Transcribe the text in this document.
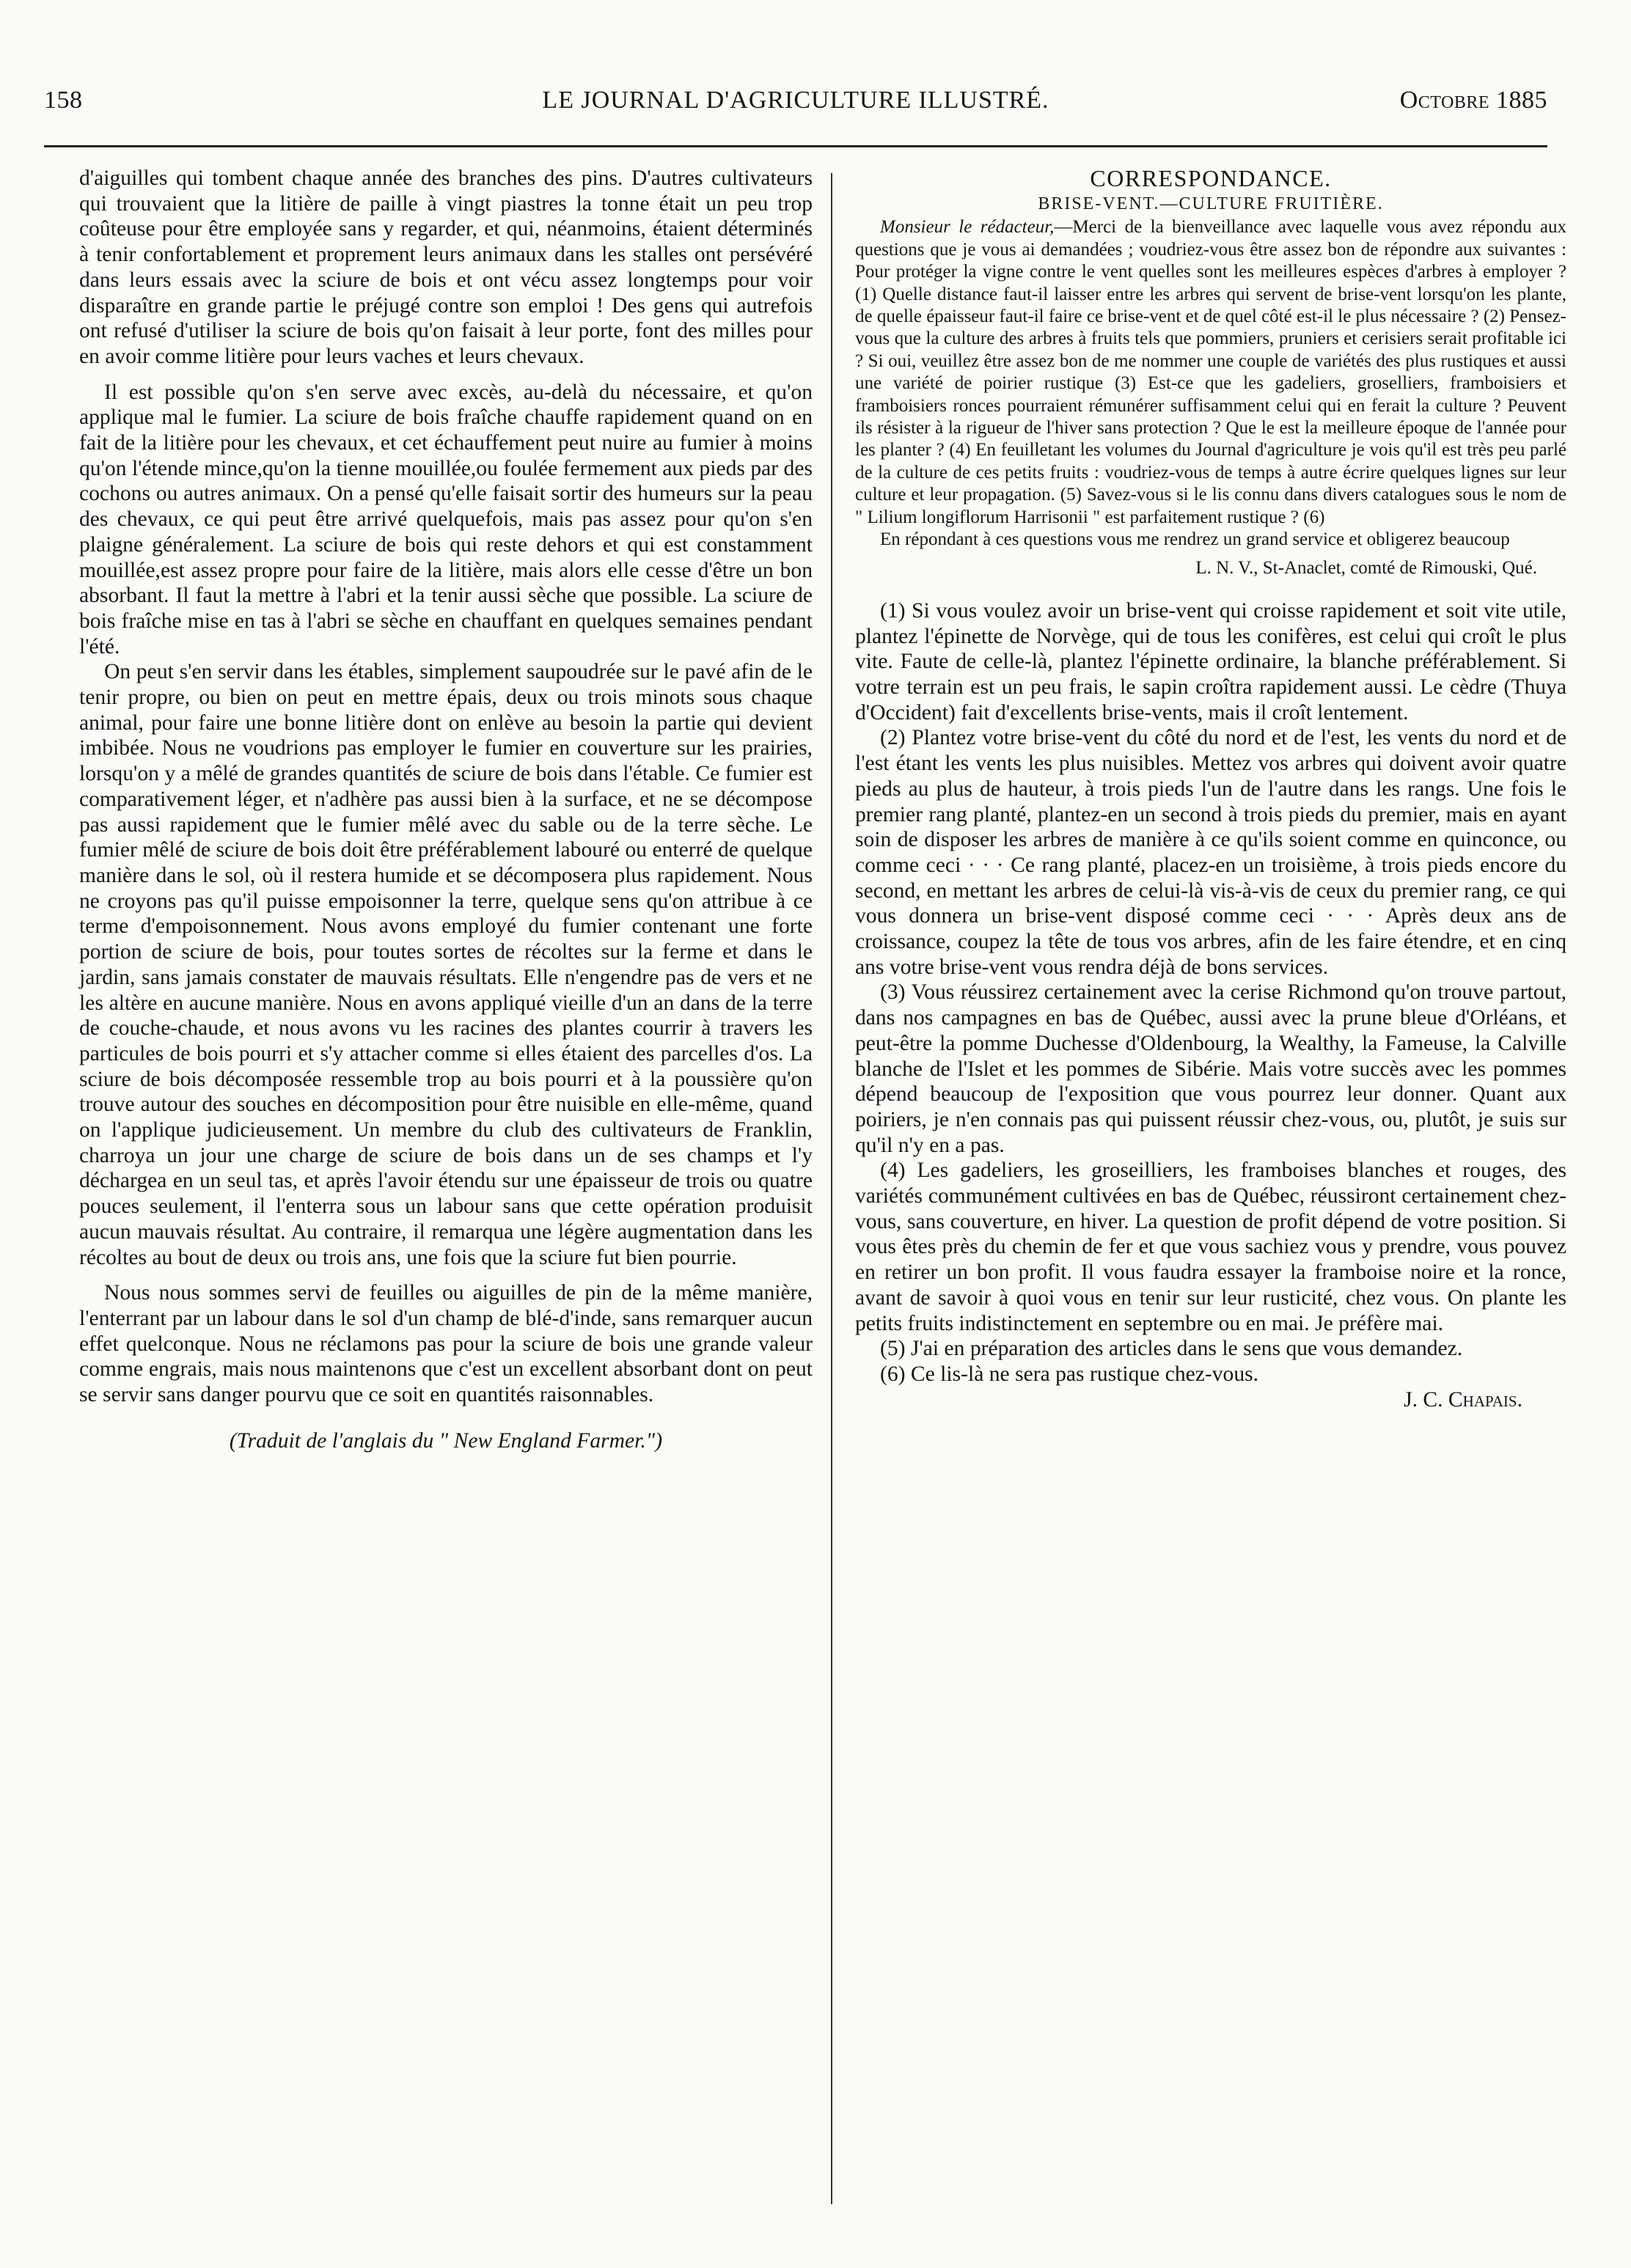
158	LE JOURNAL D'AGRICULTURE ILLUSTRÉ.	Octobre 1885

d'aiguilles qui tombent chaque année des branches des pins. D'autres cultivateurs qui trouvaient que la litière de paille à vingt piastres la tonne était un peu trop coûteuse pour être employée sans y regarder, et qui, néanmoins, étaient déterminés à tenir confortablement et proprement leurs animaux dans les stalles ont persévéré dans leurs essais avec la sciure de bois et ont vécu assez longtemps pour voir disparaître en grande partie le préjugé contre son emploi ! Des gens qui autrefois ont refusé d'utiliser la sciure de bois qu'on faisait à leur porte, font des milles pour en avoir comme litière pour leurs vaches et leurs chevaux.

Il est possible qu'on s'en serve avec excès, au-delà du nécessaire, et qu'on applique mal le fumier. La sciure de bois fraîche chauffe rapidement quand on en fait de la litière pour les chevaux, et cet échauffement peut nuire au fumier à moins qu'on l'étende mince,qu'on la tienne mouillée,ou foulée fermement aux pieds par des cochons ou autres animaux. On a pensé qu'elle faisait sortir des humeurs sur la peau des chevaux, ce qui peut être arrivé quelquefois, mais pas assez pour qu'on s'en plaigne généralement. La sciure de bois qui reste dehors et qui est constamment mouillée,est assez propre pour faire de la litière, mais alors elle cesse d'être un bon absorbant. Il faut la mettre à l'abri et la tenir aussi sèche que possible. La sciure de bois fraîche mise en tas à l'abri se sèche en chauffant en quelques semaines pendant l'été.

On peut s'en servir dans les étables, simplement saupoudrée sur le pavé afin de le tenir propre, ou bien on peut en mettre épais, deux ou trois minots sous chaque animal, pour faire une bonne litière dont on enlève au besoin la partie qui devient imbibée. Nous ne voudrions pas employer le fumier en couverture sur les prairies, lorsqu'on y a mêlé de grandes quantités de sciure de bois dans l'étable. Ce fumier est comparativement léger, et n'adhère pas aussi bien à la surface, et ne se décompose pas aussi rapidement que le fumier mêlé avec du sable ou de la terre sèche. Le fumier mêlé de sciure de bois doit être préférablement labouré ou enterré de quelque manière dans le sol, où il restera humide et se décomposera plus rapidement. Nous ne croyons pas qu'il puisse empoisonner la terre, quelque sens qu'on attribue à ce terme d'empoisonnement. Nous avons employé du fumier contenant une forte portion de sciure de bois, pour toutes sortes de récoltes sur la ferme et dans le jardin, sans jamais constater de mauvais résultats. Elle n'engendre pas de vers et ne les altère en aucune manière. Nous en avons appliqué vieille d'un an dans de la terre de couche-chaude, et nous avons vu les racines des plantes courrir à travers les particules de bois pourri et s'y attacher comme si elles étaient des parcelles d'os. La sciure de bois décomposée ressemble trop au bois pourri et à la poussière qu'on trouve autour des souches en décomposition pour être nuisible en elle-même, quand on l'applique judicieusement. Un membre du club des cultivateurs de Franklin, charroya un jour une charge de sciure de bois dans un de ses champs et l'y déchargea en un seul tas, et après l'avoir étendu sur une épaisseur de trois ou quatre pouces seulement, il l'enterra sous un labour sans que cette opération produisit aucun mauvais résultat. Au contraire, il remarqua une légère augmentation dans les récoltes au bout de deux ou trois ans, une fois que la sciure fut bien pourrie.

Nous nous sommes servi de feuilles ou aiguilles de pin de la même manière, l'enterrant par un labour dans le sol d'un champ de blé-d'inde, sans remarquer aucun effet quelconque. Nous ne réclamons pas pour la sciure de bois une grande valeur comme engrais, mais nous maintenons que c'est un excellent absorbant dont on peut se servir sans danger pourvu que ce soit en quantités raisonnables.

(Traduit de l'anglais du " New England Farmer.")

CORRESPONDANCE.

BRISE-VENT.—CULTURE FRUITIÈRE.

Monsieur le rédacteur,—Merci de la bienveillance avec laquelle vous avez répondu aux questions que je vous ai demandées ; voudriez-vous être assez bon de répondre aux suivantes : Pour protéger la vigne contre le vent quelles sont les meilleures espèces d'arbres à employer ? (1) Quelle distance faut-il laisser entre les arbres qui servent de brise-vent lorsqu'on les plante, de quelle épaisseur faut-il faire ce brise-vent et de quel côté est-il le plus nécessaire ? (2) Pensez-vous que la culture des arbres à fruits tels que pommiers, pruniers et cerisiers serait profitable ici ? Si oui, veuillez être assez bon de me nommer une couple de variétés des plus rustiques et aussi une variété de poirier rustique (3) Est-ce que les gadeliers, groselliers, framboisiers et framboisiers ronces pourraient rémunérer suffisamment celui qui en ferait la culture ? Peuvent ils résister à la rigueur de l'hiver sans protection ? Que le est la meilleure époque de l'année pour les planter ? (4) En feuilletant les volumes du Journal d'agriculture je vois qu'il est très peu parlé de la culture de ces petits fruits : voudriez-vous de temps à autre écrire quelques lignes sur leur culture et leur propagation. (5) Savez-vous si le lis connu dans divers catalogues sous le nom de " Lilium longiflorum Harrisonii " est parfaitement rustique ? (6)

En répondant à ces questions vous me rendrez un grand service et obligerez beaucoup

L. N. V., St-Anaclet, comté de Rimouski, Qué.

(1) Si vous voulez avoir un brise-vent qui croisse rapidement et soit vite utile, plantez l'épinette de Norvège, qui de tous les conifères, est celui qui croît le plus vite. Faute de celle-là, plantez l'épinette ordinaire, la blanche préférablement. Si votre terrain est un peu frais, le sapin croîtra rapidement aussi. Le cèdre (Thuya d'Occident) fait d'excellents brise-vents, mais il croît lentement.

(2) Plantez votre brise-vent du côté du nord et de l'est, les vents du nord et de l'est étant les vents les plus nuisibles. Mettez vos arbres qui doivent avoir quatre pieds au plus de hauteur, à trois pieds l'un de l'autre dans les rangs. Une fois le premier rang planté, plantez-en un second à trois pieds du premier, mais en ayant soin de disposer les arbres de manière à ce qu'ils soient comme en quinconce, ou comme ceci · · · Ce rang planté, placez-en un troisième, à trois pieds encore du second, en mettant les arbres de celui-là vis-à-vis de ceux du premier rang, ce qui vous donnera un brise-vent disposé comme ceci · · · Après deux ans de croissance, coupez la tête de tous vos arbres, afin de les faire étendre, et en cinq ans votre brise-vent vous rendra déjà de bons services.

(3) Vous réussirez certainement avec la cerise Richmond qu'on trouve partout, dans nos campagnes en bas de Québec, aussi avec la prune bleue d'Orléans, et peut-être la pomme Duchesse d'Oldenbourg, la Wealthy, la Fameuse, la Calville blanche de l'Islet et les pommes de Sibérie. Mais votre succès avec les pommes dépend beaucoup de l'exposition que vous pourrez leur donner. Quant aux poiriers, je n'en connais pas qui puissent réussir chez-vous, ou, plutôt, je suis sur qu'il n'y en a pas.

(4) Les gadeliers, les groseilliers, les framboises blanches et rouges, des variétés communément cultivées en bas de Québec, réussiront certainement chez-vous, sans couverture, en hiver. La question de profit dépend de votre position. Si vous êtes près du chemin de fer et que vous sachiez vous y prendre, vous pouvez en retirer un bon profit. Il vous faudra essayer la framboise noire et la ronce, avant de savoir à quoi vous en tenir sur leur rusticité, chez vous. On plante les petits fruits indistinctement en septembre ou en mai. Je préfère mai.

(5) J'ai en préparation des articles dans le sens que vous demandez.

(6) Ce lis-là ne sera pas rustique chez-vous.

J. C. Chapais.
